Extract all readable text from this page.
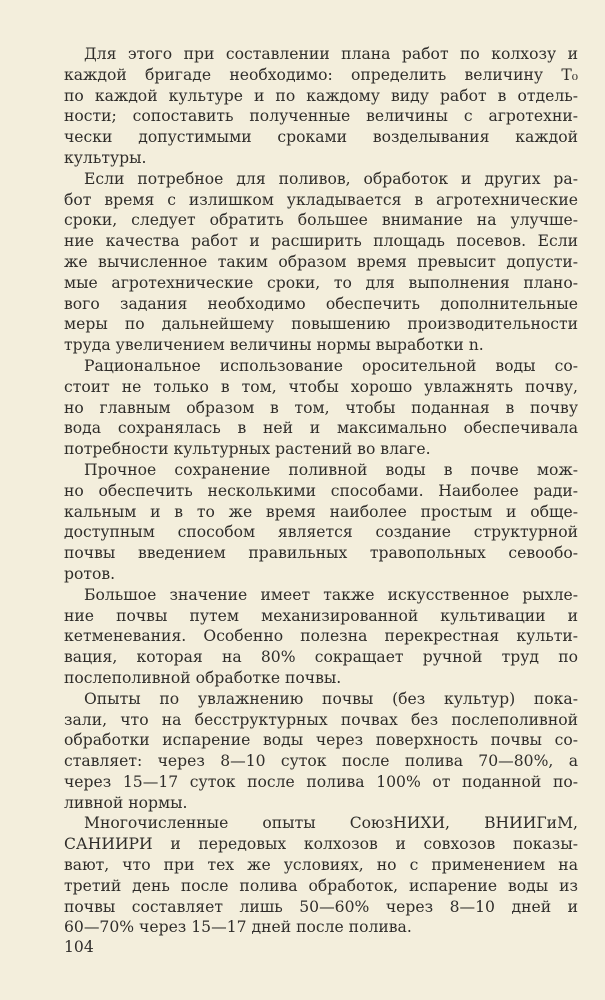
Для этого при составлении плана работ по колхозу и
каждой бригаде необходимо: определить величину T₀
по каждой культуре и по каждому виду работ в отдель-
ности; сопоставить полученные величины с агротехни-
чески допустимыми сроками возделывания каждой
культуры.
Если потребное для поливов, обработок и других ра-
бот время с излишком укладывается в агротехнические
сроки, следует обратить большее внимание на улучше-
ние качества работ и расширить площадь посевов. Если
же вычисленное таким образом время превысит допусти-
мые агротехнические сроки, то для выполнения плано-
вого задания необходимо обеспечить дополнительные
меры по дальнейшему повышению производительности
труда увеличением величины нормы выработки n.
Рациональное использование оросительной воды со-
стоит не только в том, чтобы хорошо увлажнять почву,
но главным образом в том, чтобы поданная в почву
вода сохранялась в ней и максимально обеспечивала
потребности культурных растений во влаге.
Прочное сохранение поливной воды в почве мож-
но обеспечить несколькими способами. Наиболее ради-
кальным и в то же время наиболее простым и обще-
доступным способом является создание структурной
почвы введением правильных травопольных севообо-
ротов.
Большое значение имеет также искусственное рыхле-
ние почвы путем механизированной культивации и
кетменевания. Особенно полезна перекрестная культи-
вация, которая на 80% сокращает ручной труд по
послеполивной обработке почвы.
Опыты по увлажнению почвы (без культур) пока-
зали, что на бесструктурных почвах без послеполивной
обработки испарение воды через поверхность почвы со-
ставляет: через 8—10 суток после полива 70—80%, а
через 15—17 суток после полива 100% от поданной по-
ливной нормы.
Многочисленные опыты СоюзНИХИ, ВНИИГиМ,
САНИИРИ и передовых колхозов и совхозов показы-
вают, что при тех же условиях, но с применением на
третий день после полива обработок, испарение воды из
почвы составляет лишь 50—60% через 8—10 дней и
60—70% через 15—17 дней после полива.
104
